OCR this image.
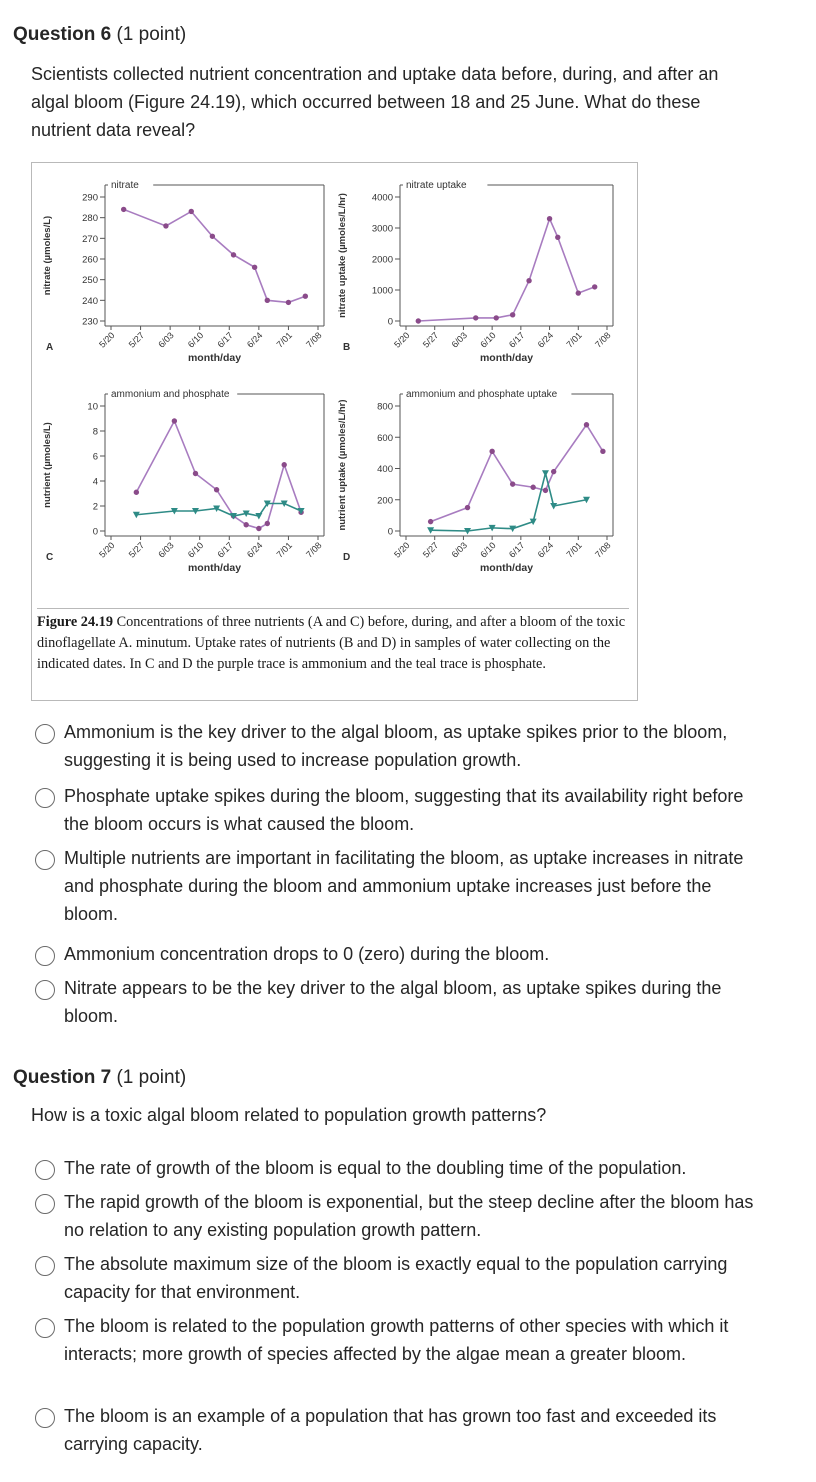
Question 6 (1 point)
Scientists collected nutrient concentration and uptake data before, during, and after an algal bloom (Figure 24.19), which occurred between 18 and 25 June. What do these nutrient data reveal?
nitrate
230
240
250
260
270
280
290
5/20 5/27 6/03 6/10 6/17 6/24 7/01 7/08
month/day
nitrate (µmoles/L)
A
nitrate uptake
0
1000
2000
3000
4000
5/20 5/27 6/03 6/10 6/17 6/24 7/01 7/08
month/day
nitrate uptake (µmoles/L/hr)
B
ammonium and phosphate
0
2
4
6
8
10
5/20 5/27 6/03 6/10 6/17 6/24 7/01 7/08
month/day
nutrient (µmoles/L)
C
ammonium and phosphate uptake
0
200
400
600
800
5/20 5/27 6/03 6/10 6/17 6/24 7/01 7/08
month/day
nutrient uptake (µmoles/L/hr)
D
Figure 24.19 Concentrations of three nutrients (A and C) before, during, and after a bloom of the toxic dinoflagellate A. minutum. Uptake rates of nutrients (B and D) in samples of water collecting on the indicated dates. In C and D the purple trace is ammonium and the teal trace is phosphate.
Ammonium is the key driver to the algal bloom, as uptake spikes prior to the bloom, suggesting it is being used to increase population growth.
Phosphate uptake spikes during the bloom, suggesting that its availability right before the bloom occurs is what caused the bloom.
Multiple nutrients are important in facilitating the bloom, as uptake increases in nitrate and phosphate during the bloom and ammonium uptake increases just before the bloom.
Ammonium concentration drops to 0 (zero) during the bloom.
Nitrate appears to be the key driver to the algal bloom, as uptake spikes during the bloom.
Question 7 (1 point)
How is a toxic algal bloom related to population growth patterns?
The rate of growth of the bloom is equal to the doubling time of the population.
The rapid growth of the bloom is exponential, but the steep decline after the bloom has no relation to any existing population growth pattern.
The absolute maximum size of the bloom is exactly equal to the population carrying capacity for that environment.
The bloom is related to the population growth patterns of other species with which it interacts; more growth of species affected by the algae mean a greater bloom.
The bloom is an example of a population that has grown too fast and exceeded its carrying capacity.
